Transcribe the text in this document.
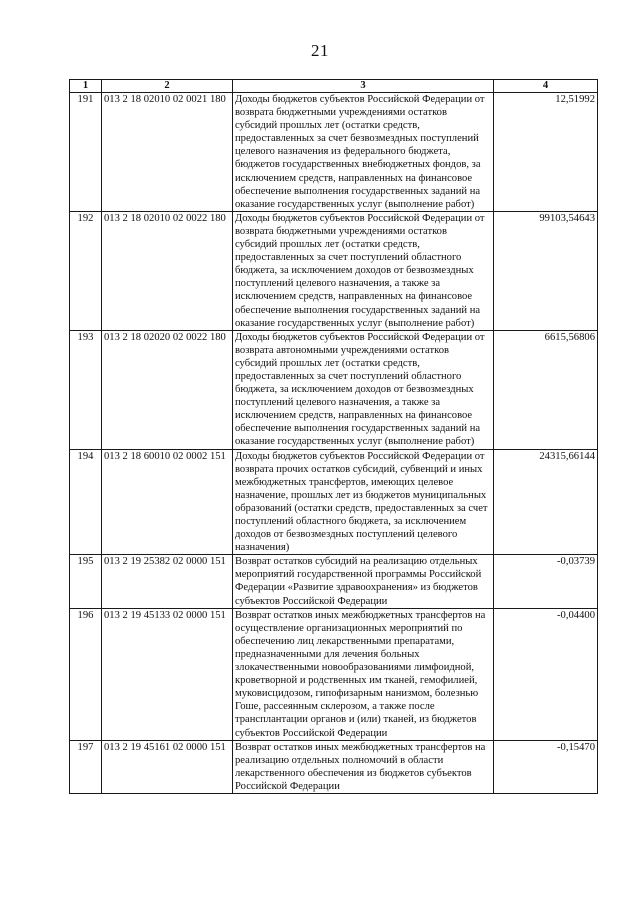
21
1	2	3	4
191	013 2 18 02010 02 0021 180	Доходы бюджетов субъектов Российской Федерации от возврата бюджетными учреждениями остатков субсидий прошлых лет (остатки средств, предоставленных за счет безвозмездных поступлений целевого назначения из федерального бюджета, бюджетов государственных внебюджетных фондов, за исключением средств, направленных на финансовое обеспечение выполнения государственных заданий на оказание государственных услуг (выполнение работ)	12,51992
192	013 2 18 02010 02 0022 180	Доходы бюджетов субъектов Российской Федерации от возврата бюджетными учреждениями остатков субсидий прошлых лет (остатки средств, предоставленных за счет поступлений областного бюджета, за исключением доходов от безвозмездных поступлений целевого назначения, а также за исключением средств, направленных на финансовое обеспечение выполнения государственных заданий на оказание государственных услуг (выполнение работ)	99103,54643
193	013 2 18 02020 02 0022 180	Доходы бюджетов субъектов Российской Федерации от возврата автономными учреждениями остатков субсидий прошлых лет (остатки средств, предоставленных за счет поступлений областного бюджета, за исключением доходов от безвозмездных поступлений целевого назначения, а также за исключением средств, направленных на финансовое обеспечение выполнения государственных заданий на оказание государственных услуг (выполнение работ)	6615,56806
194	013 2 18 60010 02 0002 151	Доходы бюджетов субъектов Российской Федерации от возврата прочих остатков субсидий, субвенций и иных межбюджетных трансфертов, имеющих целевое назначение, прошлых лет из бюджетов муниципальных образований (остатки средств, предоставленных за счет поступлений областного бюджета, за исключением доходов от безвозмездных поступлений целевого назначения)	24315,66144
195	013 2 19 25382 02 0000 151	Возврат остатков субсидий на реализацию отдельных мероприятий государственной программы Российской Федерации «Развитие здравоохранения» из бюджетов субъектов Российской Федерации	-0,03739
196	013 2 19 45133 02 0000 151	Возврат остатков иных межбюджетных трансфертов на осуществление организационных мероприятий по обеспечению лиц лекарственными препаратами, предназначенными для лечения больных злокачественными новообразованиями лимфоидной, кроветворной и родственных им тканей, гемофилией, муковисцидозом, гипофизарным нанизмом, болезнью Гоше, рассеянным склерозом, а также после трансплантации органов и (или) тканей, из бюджетов субъектов Российской Федерации	-0,04400
197	013 2 19 45161 02 0000 151	Возврат остатков иных межбюджетных трансфертов на реализацию отдельных полномочий в области лекарственного обеспечения из бюджетов субъектов Российской Федерации	-0,15470
